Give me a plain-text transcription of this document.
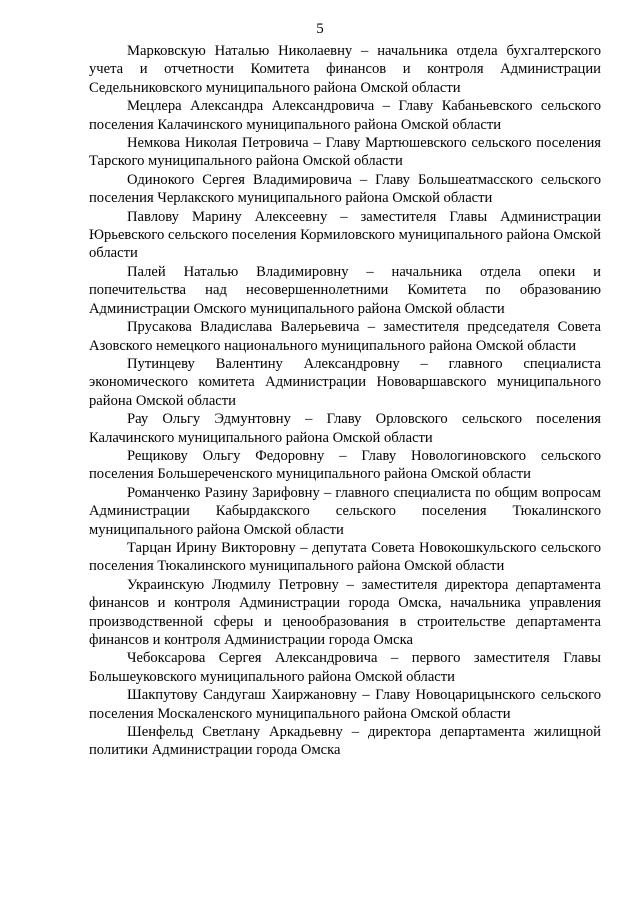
5

Марковскую Наталью Николаевну – начальника отдела бухгалтерского учета и отчетности Комитета финансов и контроля Администрации Седельниковского муниципального района Омской области

Мецлера Александра Александровича – Главу Кабаньевского сельского поселения Калачинского муниципального района Омской области

Немкова Николая Петровича – Главу Мартюшевского сельского поселения Тарского муниципального района Омской области

Одинокого Сергея Владимировича – Главу Большеатмасского сельского поселения Черлакского муниципального района Омской области

Павлову Марину Алексеевну – заместителя Главы Администрации Юрьевского сельского поселения Кормиловского муниципального района Омской области

Палей Наталью Владимировну – начальника отдела опеки и попечительства над несовершеннолетними Комитета по образованию Администрации Омского муниципального района Омской области

Прусакова Владислава Валерьевича – заместителя председателя Совета Азовского немецкого национального муниципального района Омской области

Путинцеву Валентину Александровну – главного специалиста экономического комитета Администрации Нововаршавского муниципального района Омской области

Рау Ольгу Эдмунтовну – Главу Орловского сельского поселения Калачинского муниципального района Омской области

Рещикову Ольгу Федоровну – Главу Новологиновского сельского поселения Большереченского муниципального района Омской области

Романченко Разину Зарифовну – главного специалиста по общим вопросам Администрации Кабырдакского сельского поселения Тюкалинского муниципального района Омской области

Тарцан Ирину Викторовну – депутата Совета Новокошкульского сельского поселения Тюкалинского муниципального района Омской области

Украинскую Людмилу Петровну – заместителя директора департамента финансов и контроля Администрации города Омска, начальника управления производственной сферы и ценообразования в строительстве департамента финансов и контроля Администрации города Омска

Чебоксарова Сергея Александровича – первого заместителя Главы Большеуковского муниципального района Омской области

Шакпутову Сандугаш Хаиржановну – Главу Новоцарицынского сельского поселения Москаленского муниципального района Омской области

Шенфельд Светлану Аркадьевну – директора департамента жилищной политики Администрации города Омска
